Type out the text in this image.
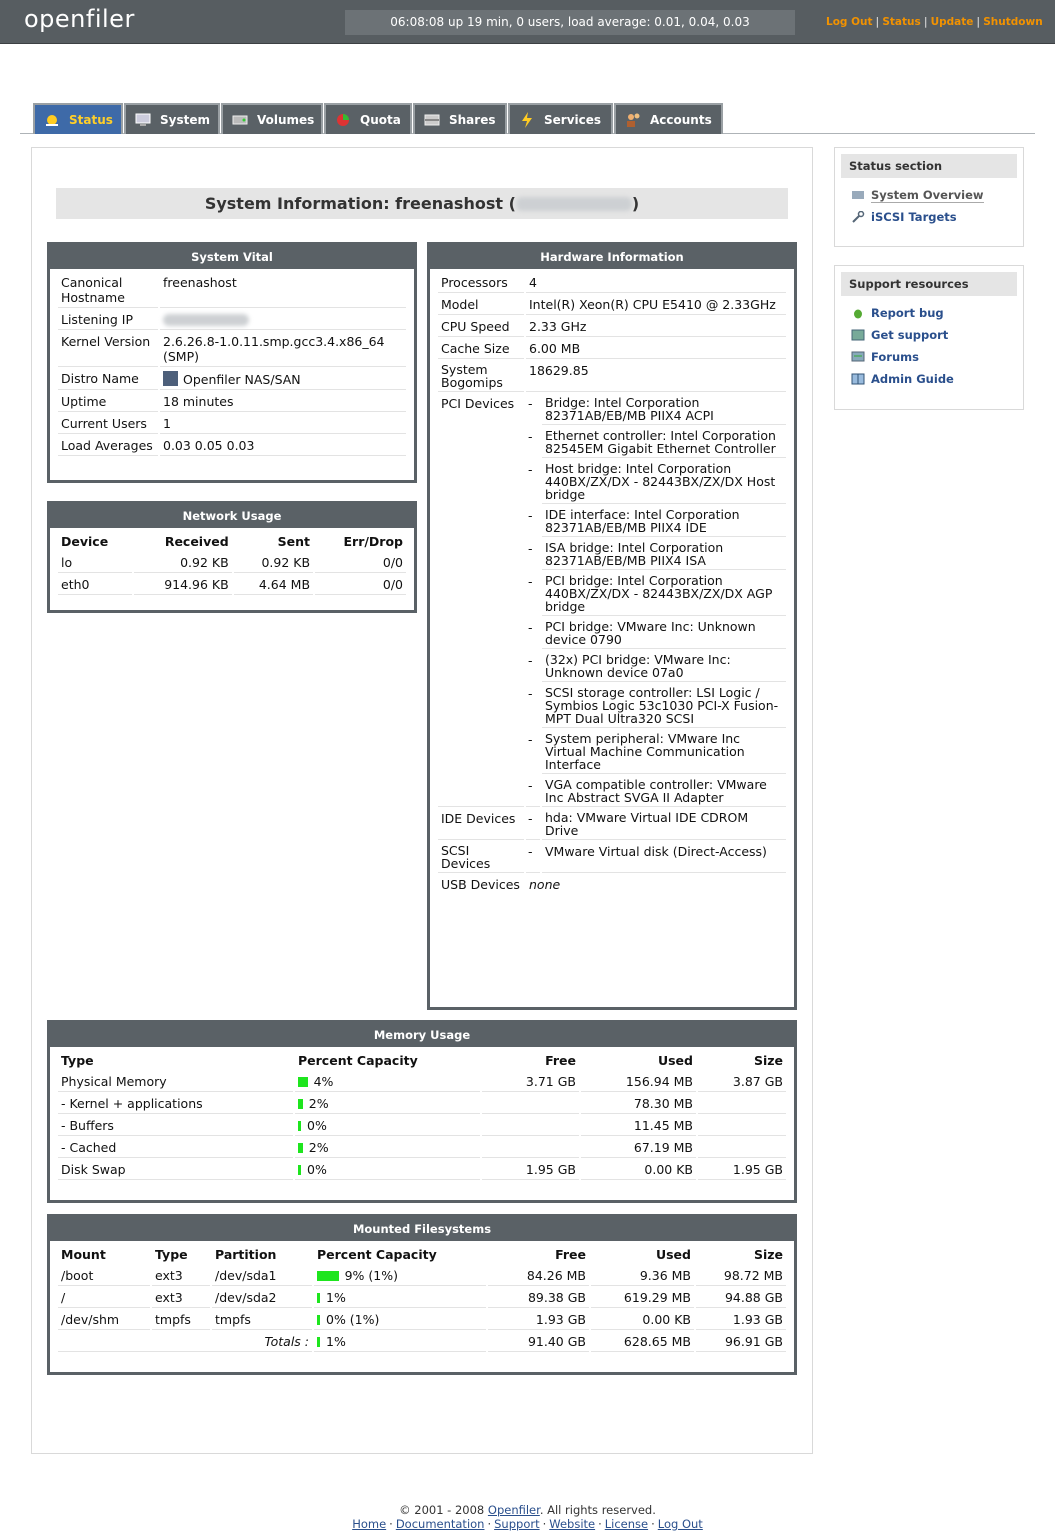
openfiler	06:08:08 up 19 min, 0 users, load average: 0.01, 0.04, 0.03	Log Out | Status | Update | Shutdown
Status	System	Volumes	Quota	Shares	Services	Accounts
System Information: freenashost (	)
System Vital
Canonical Hostname	freenashost
Listening IP	
Kernel Version	2.6.26.8-1.0.11.smp.gcc3.4.x86_64 (SMP)
Distro Name	Openfiler NAS/SAN
Uptime	18 minutes
Current Users	1
Load Averages	0.03 0.05 0.03
Network Usage
Device	Received	Sent	Err/Drop
lo	0.92 KB	0.92 KB	0/0
eth0	914.96 KB	4.64 MB	0/0
Hardware Information
Processors	4	
Model	Intel(R) Xeon(R) CPU E5410 @ 2.33GHz	
CPU Speed	2.33 GHz	
Cache Size	6.00 MB	
System Bogomips	18629.85	
PCI Devices	-	Bridge: Intel Corporation 82371AB/EB/MB PIIX4 ACPI
	-	Ethernet controller: Intel Corporation 82545EM Gigabit Ethernet Controller
	-	Host bridge: Intel Corporation 440BX/ZX/DX - 82443BX/ZX/DX Host bridge
	-	IDE interface: Intel Corporation 82371AB/EB/MB PIIX4 IDE
	-	ISA bridge: Intel Corporation 82371AB/EB/MB PIIX4 ISA
	-	PCI bridge: Intel Corporation 440BX/ZX/DX - 82443BX/ZX/DX AGP bridge
	-	PCI bridge: VMware Inc: Unknown device 0790
	-	(32x) PCI bridge: VMware Inc: Unknown device 07a0
	-	SCSI storage controller: LSI Logic / Symbios Logic 53c1030 PCI-X Fusion-MPT Dual Ultra320 SCSI
	-	System peripheral: VMware Inc Virtual Machine Communication Interface
	-	VGA compatible controller: VMware Inc Abstract SVGA II Adapter
IDE Devices	-	hda: VMware Virtual IDE CDROM Drive
SCSI Devices	-	VMware Virtual disk (Direct-Access)
USB Devices	none	
Memory Usage
Type	Percent Capacity	Free	Used	Size
Physical Memory	4%	3.71 GB	156.94 MB	3.87 GB
- Kernel + applications	2%		78.30 MB	
- Buffers	0%		11.45 MB	
- Cached	2%		67.19 MB	
Disk Swap	0%	1.95 GB	0.00 KB	1.95 GB
Mounted Filesystems
Mount	Type	Partition	Percent Capacity	Free	Used	Size
/boot	ext3	/dev/sda1	9% (1%)	84.26 MB	9.36 MB	98.72 MB
/	ext3	/dev/sda2	1%	89.38 GB	619.29 MB	94.88 GB
/dev/shm	tmpfs	tmpfs	0% (1%)	1.93 GB	0.00 KB	1.93 GB
Totals :			1%	91.40 GB	628.65 MB	96.91 GB
Status section
System Overview
iSCSI Targets
Support resources
Report bug
Get support
Forums
Admin Guide
© 2001 - 2008 Openfiler. All rights reserved.
Home · Documentation · Support · Website · License · Log Out
